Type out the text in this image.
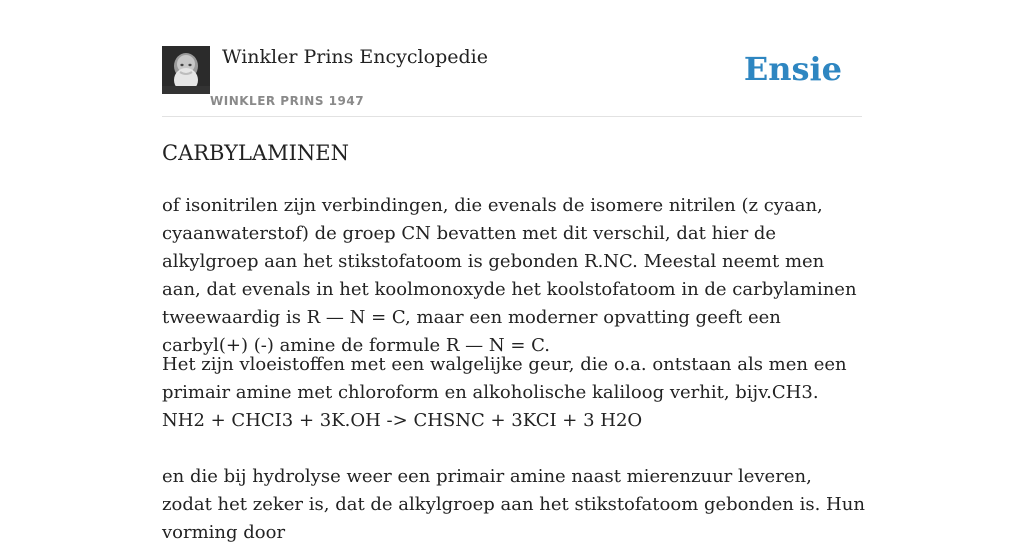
Winkler Prins Encyclopedie
WINKLER PRINS 1947
Ensie
CARBYLAMINEN

of isonitrilen zijn verbindingen, die evenals de isomere nitrilen (z cyaan, cyaanwaterstof) de groep CN bevatten met dit verschil, dat hier de alkylgroep aan het stikstofatoom is gebonden R.NC. Meestal neemt men aan, dat evenals in het koolmonoxyde het koolstofatoom in de carbylaminen tweewaardig is R — N = C, maar een moderner opvatting geeft een carbyl(+) (-) amine de formule R — N = C.

Het zijn vloeistoffen met een walgelijke geur, die o.a. ontstaan als men een primair amine met chloroform en alkoholische kaliloog verhit, bijv.CH3. NH2 + CHCI3 + 3K.OH -> CHSNC + 3KCI + 3 H2O

en die bij hydrolyse weer een primair amine naast mierenzuur leveren, zodat het zeker is, dat de alkylgroep aan het stikstofatoom gebonden is. Hun vorming door
